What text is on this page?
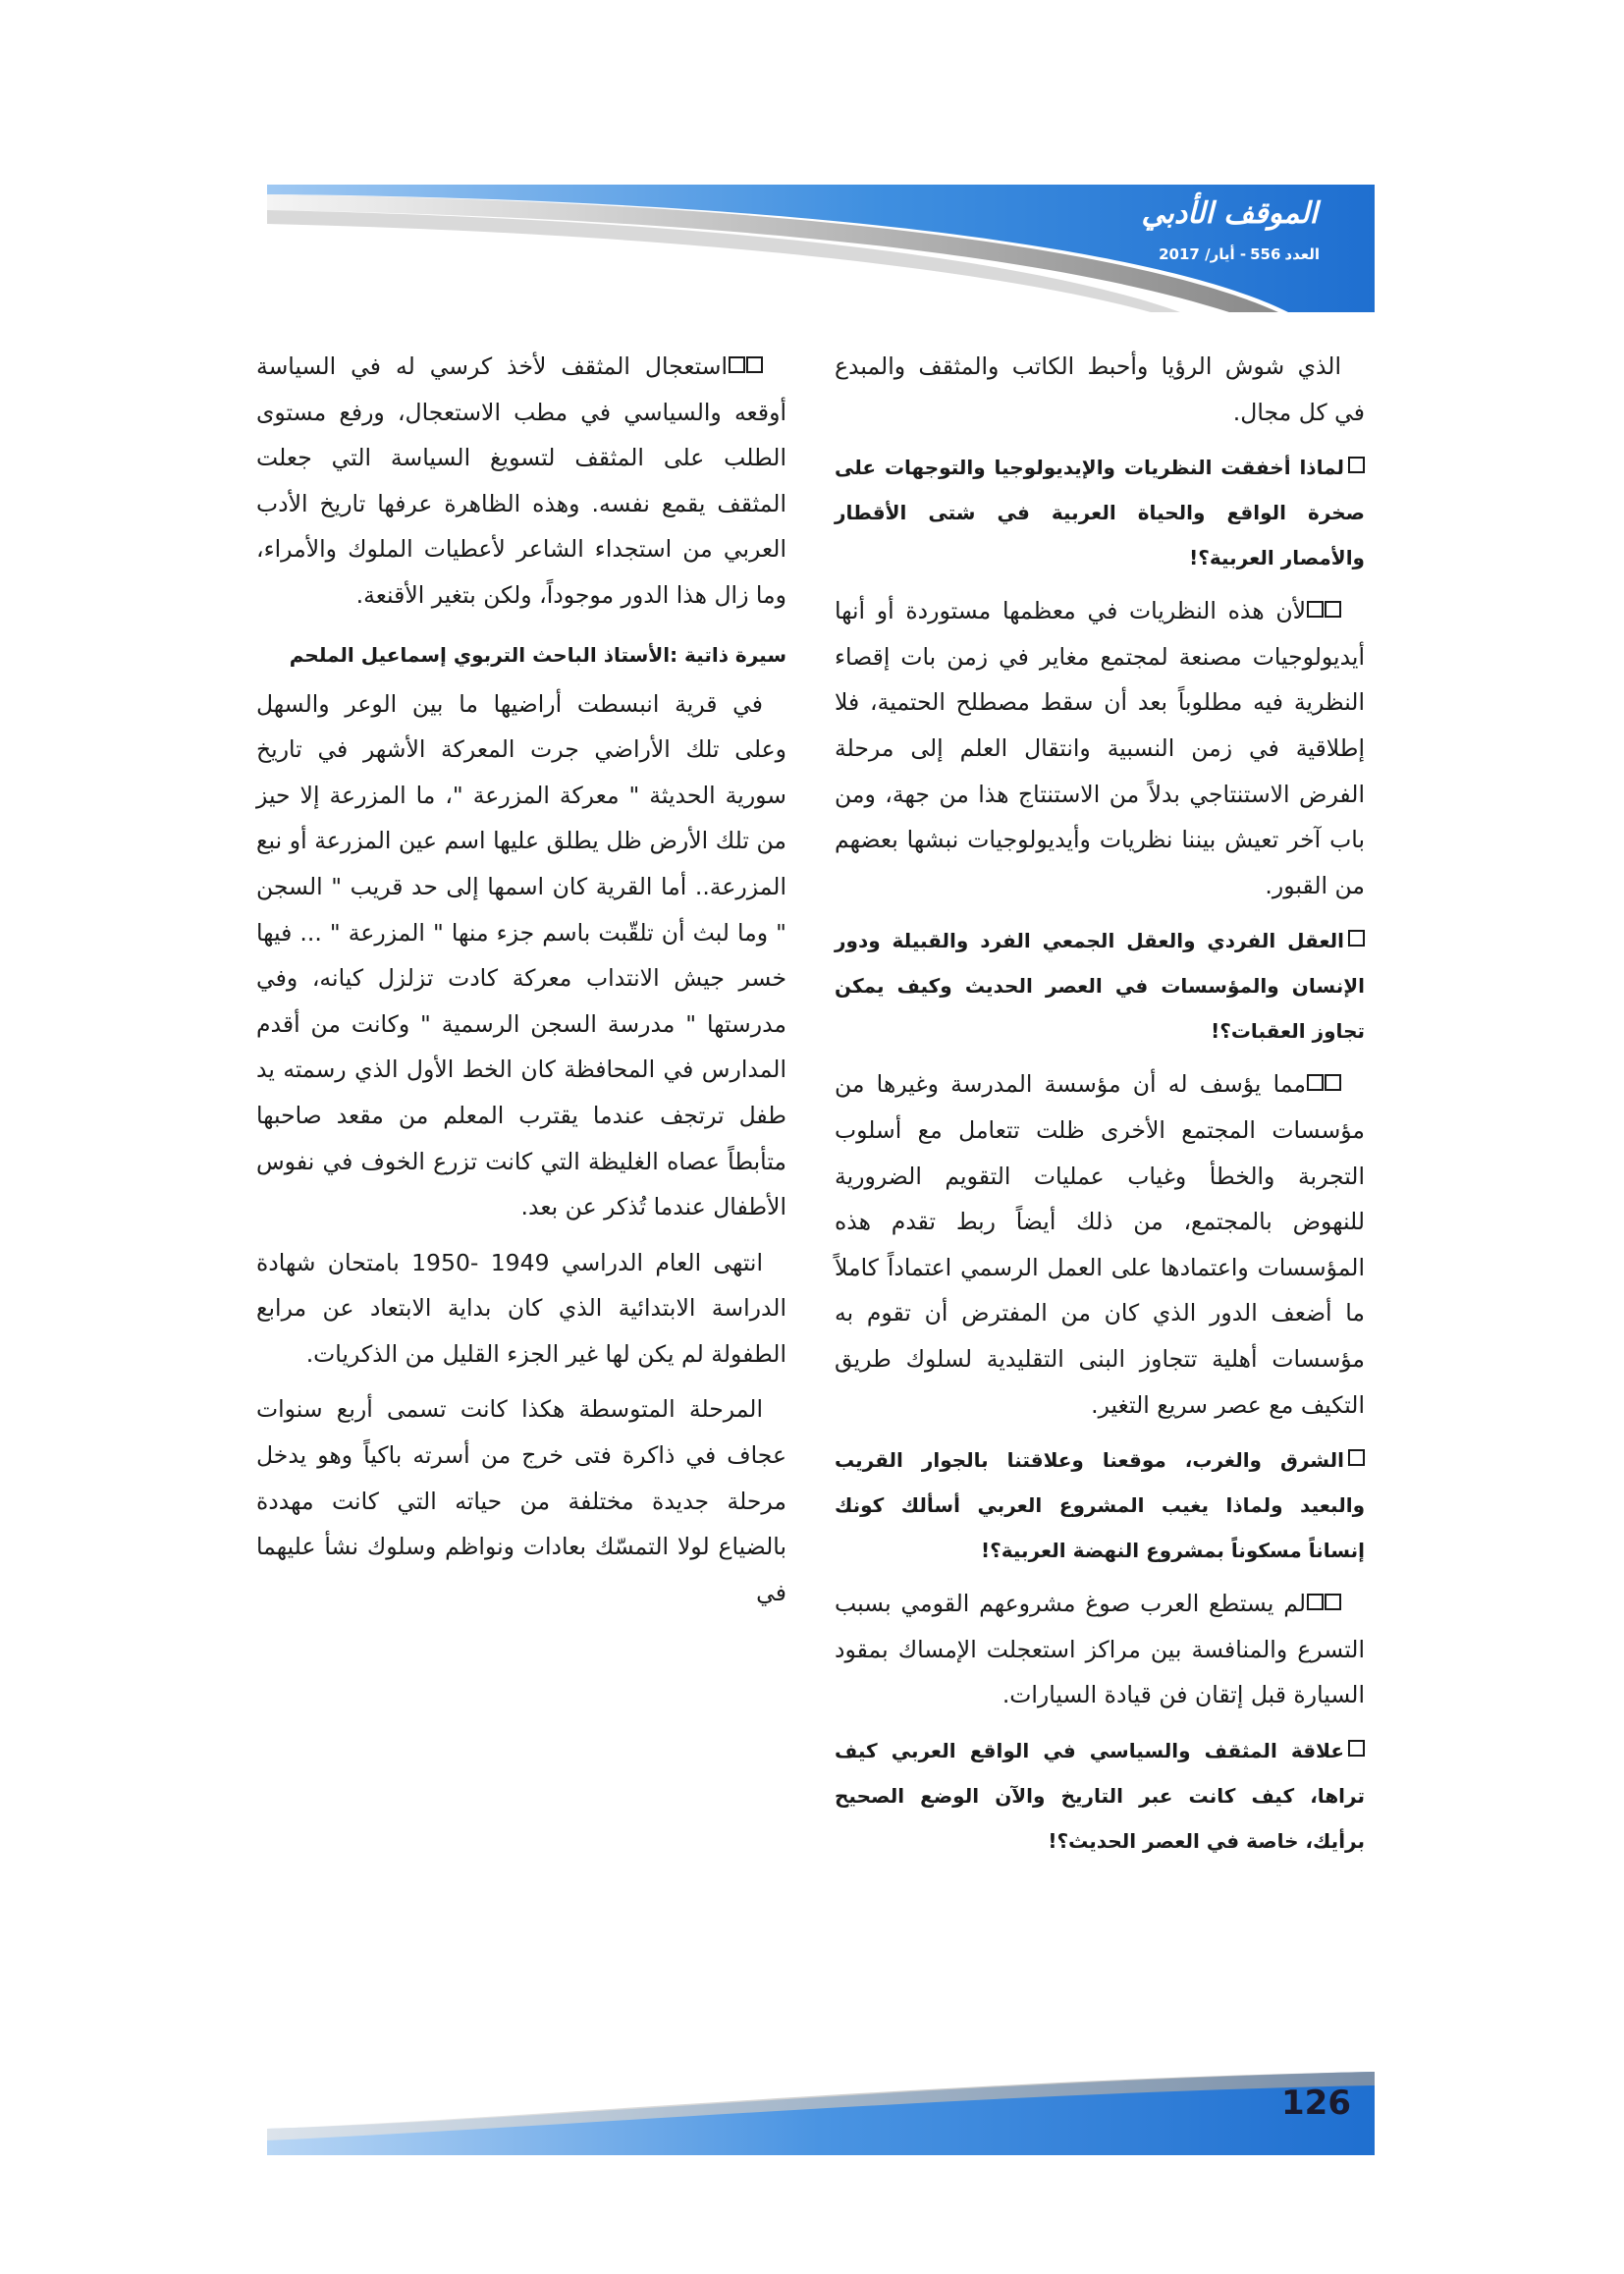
الموقف الأدبي
العدد556- أيار/ 2017

الذي شوش الرؤيا وأحبط الكاتب والمثقف والمبدع في كل مجال.

لماذا أخفقت النظريات والإيديولوجيا والتوجهات على صخرة الواقع والحياة العربية في شتى الأقطار والأمصار العربية؟!

لأن هذه النظريات في معظمها مستوردة أو أنها أيديولوجيات مصنعة لمجتمع مغاير في زمن بات إقصاء النظرية فيه مطلوباً بعد أن سقط مصطلح الحتمية، فلا إطلاقية في زمن النسبية وانتقال العلم إلى مرحلة الفرض الاستنتاجي بدلاً من الاستنتاج هذا من جهة، ومن باب آخر تعيش بيننا نظريات وأيديولوجيات نبشها بعضهم من القبور.

العقل الفردي والعقل الجمعي الفرد والقبيلة ودور الإنسان والمؤسسات في العصر الحديث وكيف يمكن تجاوز العقبات؟!

مما يؤسف له أن مؤسسة المدرسة وغيرها من مؤسسات المجتمع الأخرى ظلت تتعامل مع أسلوب التجربة والخطأ وغياب عمليات التقويم الضرورية للنهوض بالمجتمع، من ذلك أيضاً ربط تقدم هذه المؤسسات واعتمادها على العمل الرسمي اعتماداً كاملاً ما أضعف الدور الذي كان من المفترض أن تقوم به مؤسسات أهلية تتجاوز البنى التقليدية لسلوك طريق التكيف مع عصر سريع التغير.

الشرق والغرب، موقعنا وعلاقتنا بالجوار القريب والبعيد ولماذا يغيب المشروع العربي أسألك كونك إنساناً مسكوناً بمشروع النهضة العربية؟!

لم يستطع العرب صوغ مشروعهم القومي بسبب التسرع والمنافسة بين مراكز استعجلت الإمساك بمقود السيارة قبل إتقان فن قيادة السيارات.

علاقة المثقف والسياسي في الواقع العربي كيف تراها، كيف كانت عبر التاريخ والآن الوضع الصحيح برأيك، خاصة في العصر الحديث؟!

استعجال المثقف لأخذ كرسي له في السياسة أوقعه والسياسي في مطب الاستعجال، ورفع مستوى الطلب على المثقف لتسويغ السياسة التي جعلت المثقف يقمع نفسه. وهذه الظاهرة عرفها تاريخ الأدب العربي من استجداء الشاعر لأعطيات الملوك والأمراء، وما زال هذا الدور موجوداً، ولكن بتغير الأقنعة.

سيرة ذاتية :الأستاذ الباحث التربوي إسماعيل الملحم

في قرية انبسطت أراضيها ما بين الوعر والسهل وعلى تلك الأراضي جرت المعركة الأشهر في تاريخ سورية الحديثة " معركة المزرعة "، ما المزرعة إلا حيز من تلك الأرض ظل يطلق عليها اسم عين المزرعة أو نبع المزرعة.. أما القرية كان اسمها إلى حد قريب " السجن " وما لبث أن تلقّبت باسم جزء منها " المزرعة " ... فيها خسر جيش الانتداب معركة كادت تزلزل كيانه، وفي مدرستها " مدرسة السجن الرسمية " وكانت من أقدم المدارس في المحافظة كان الخط الأول الذي رسمته يد طفل ترتجف عندما يقترب المعلم من مقعد صاحبها متأبطاً عصاه الغليظة التي كانت تزرع الخوف في نفوس الأطفال عندما تُذكر عن بعد.

انتهى العام الدراسي 1949 -1950 بامتحان شهادة الدراسة الابتدائية الذي كان بداية الابتعاد عن مرابع الطفولة لم يكن لها غير الجزء القليل من الذكريات.

المرحلة المتوسطة هكذا كانت تسمى أربع سنوات عجاف في ذاكرة فتى خرج من أسرته باكياً وهو يدخل مرحلة جديدة مختلفة من حياته التي كانت مهددة بالضياع لولا التمسّك بعادات ونواظم وسلوك نشأ عليهما في

126
